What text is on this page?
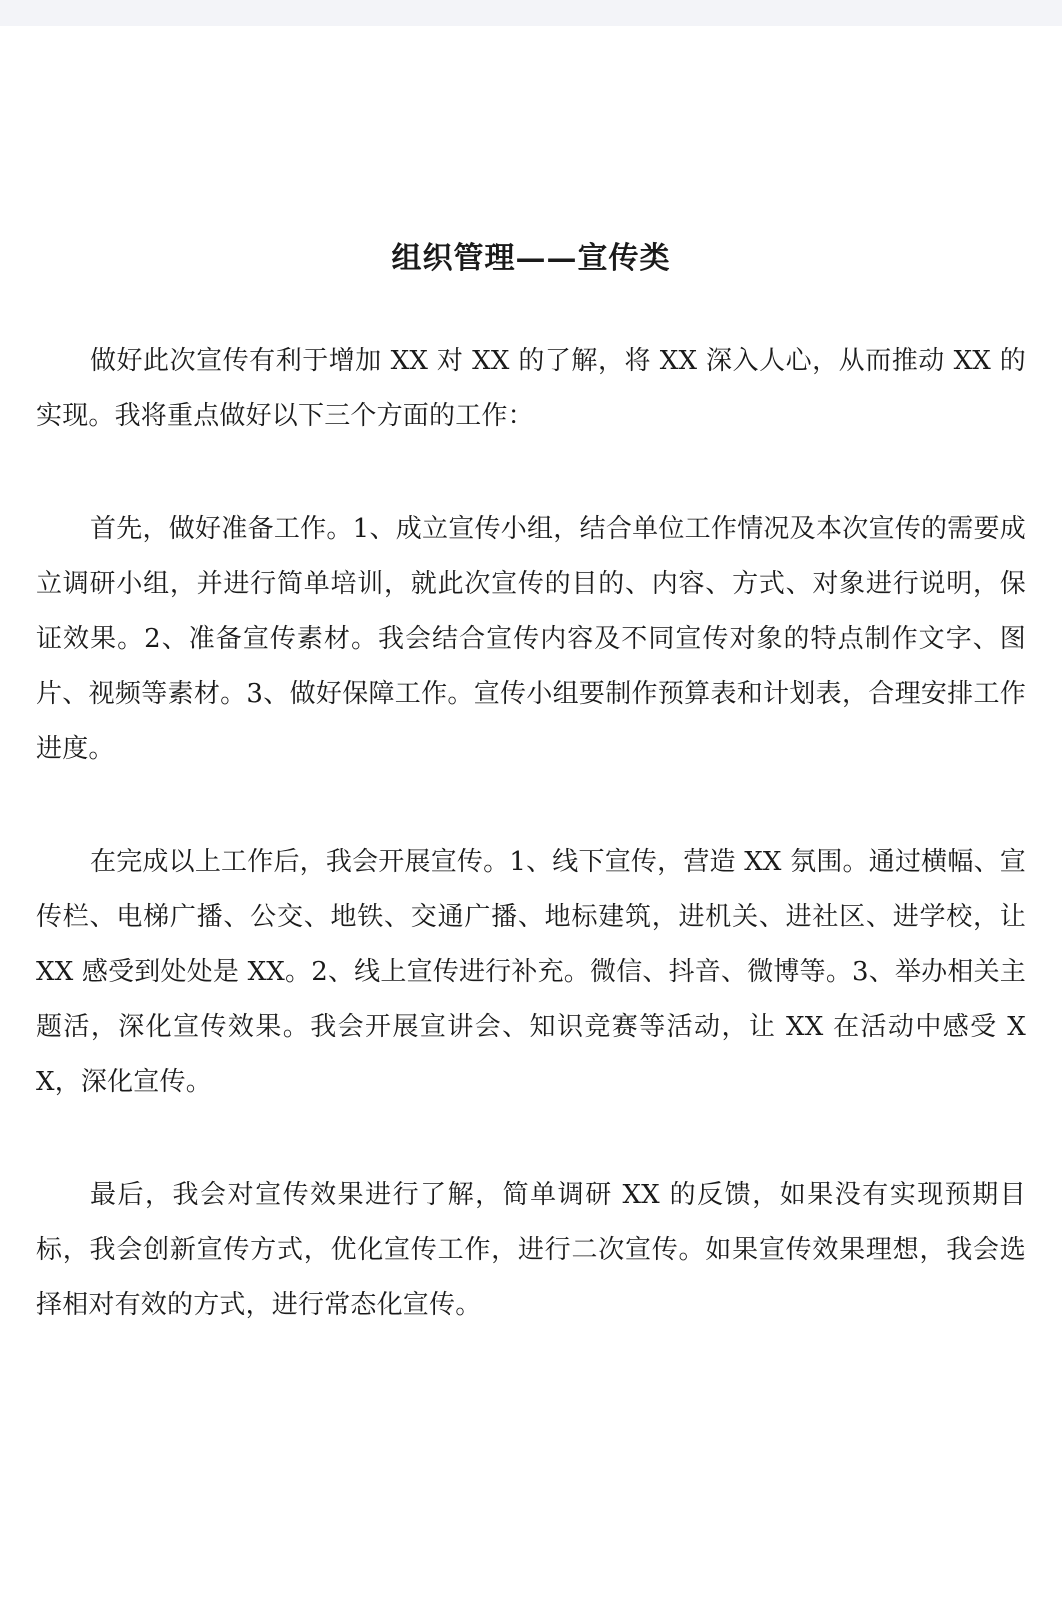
组织管理——宣传类

做好此次宣传有利于增加 XX 对 XX 的了解，将 XX 深入人心，从而推动 XX 的实现。我将重点做好以下三个方面的工作：

首先，做好准备工作。1、成立宣传小组，结合单位工作情况及本次宣传的需要成立调研小组，并进行简单培训，就此次宣传的目的、内容、方式、对象进行说明，保证效果。2、准备宣传素材。我会结合宣传内容及不同宣传对象的特点制作文字、图片、视频等素材。3、做好保障工作。宣传小组要制作预算表和计划表，合理安排工作进度。

在完成以上工作后，我会开展宣传。1、线下宣传，营造 XX 氛围。通过横幅、宣传栏、电梯广播、公交、地铁、交通广播、地标建筑，进机关、进社区、进学校，让 XX 感受到处处是 XX。2、线上宣传进行补充。微信、抖音、微博等。3、举办相关主题活，深化宣传效果。我会开展宣讲会、知识竞赛等活动，让 XX 在活动中感受 XX，深化宣传。

最后，我会对宣传效果进行了解，简单调研 XX 的反馈，如果没有实现预期目标，我会创新宣传方式，优化宣传工作，进行二次宣传。如果宣传效果理想，我会选择相对有效的方式，进行常态化宣传。
